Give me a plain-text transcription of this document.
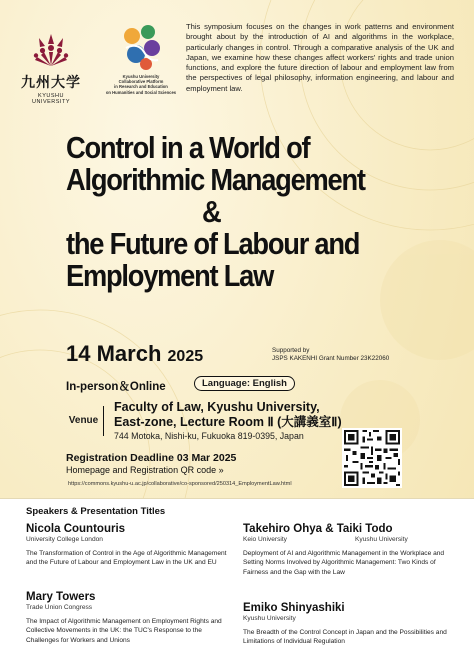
九州大学
KYUSHU UNIVERSITY
Kyushu University
Collaborative Platform
in Research and Education
on Humanities and Social Sciences

This symposium focuses on the changes in work patterns and environment brought about by the introduction of AI and algorithms in the workplace, particularly changes in control. Through a comparative analysis of the UK and Japan, we examine how these changes affect workers' rights and trade union functions, and explore the future direction of labour and employment law from the perspectives of legal philosophy, information engineering, and labour and employment law.

Control in a World of
Algorithmic Management
&
the Future of Labour and
Employment Law
14 March 2025	Supported by
JSPS KAKENHI Grant Number 23K22060
In-person＆Online	Language: English
Venue
Faculty of Law, Kyushu University,
East-zone, Lecture Room Ⅱ (大講義室Ⅱ)
744 Motoka, Nishi-ku, Fukuoka 819-0395, Japan
Registration Deadline 03 Mar 2025
Homepage and Registration QR code »
https://commons.kyushu-u.ac.jp/collaborative/co-sponsored/250314_EmploymentLaw.html
Speakers & Presentation Titles
Nicola Countouris
University College London
The Transformation of Control in the Age of Algorithmic Management and the Future of Labour and Employment Law in the UK and EU
Takehiro Ohya & Taiki Todo
Keio University	Kyushu University
Deployment of AI and Algorithmic Management in the Workplace and Setting Norms Involved by Algorithmic Management: Two Kinds of Fairness and the Gap with the Law
Mary Towers
Trade Union Congress
The Impact of Algorithmic Management on Employment Rights and Collective Movements in the UK: the TUC's Response to the Challenges for Workers and Unions
Emiko Shinyashiki
Kyushu University
The Breadth of the Control Concept in Japan and the Possibilities and Limitations of Individual Regulation
